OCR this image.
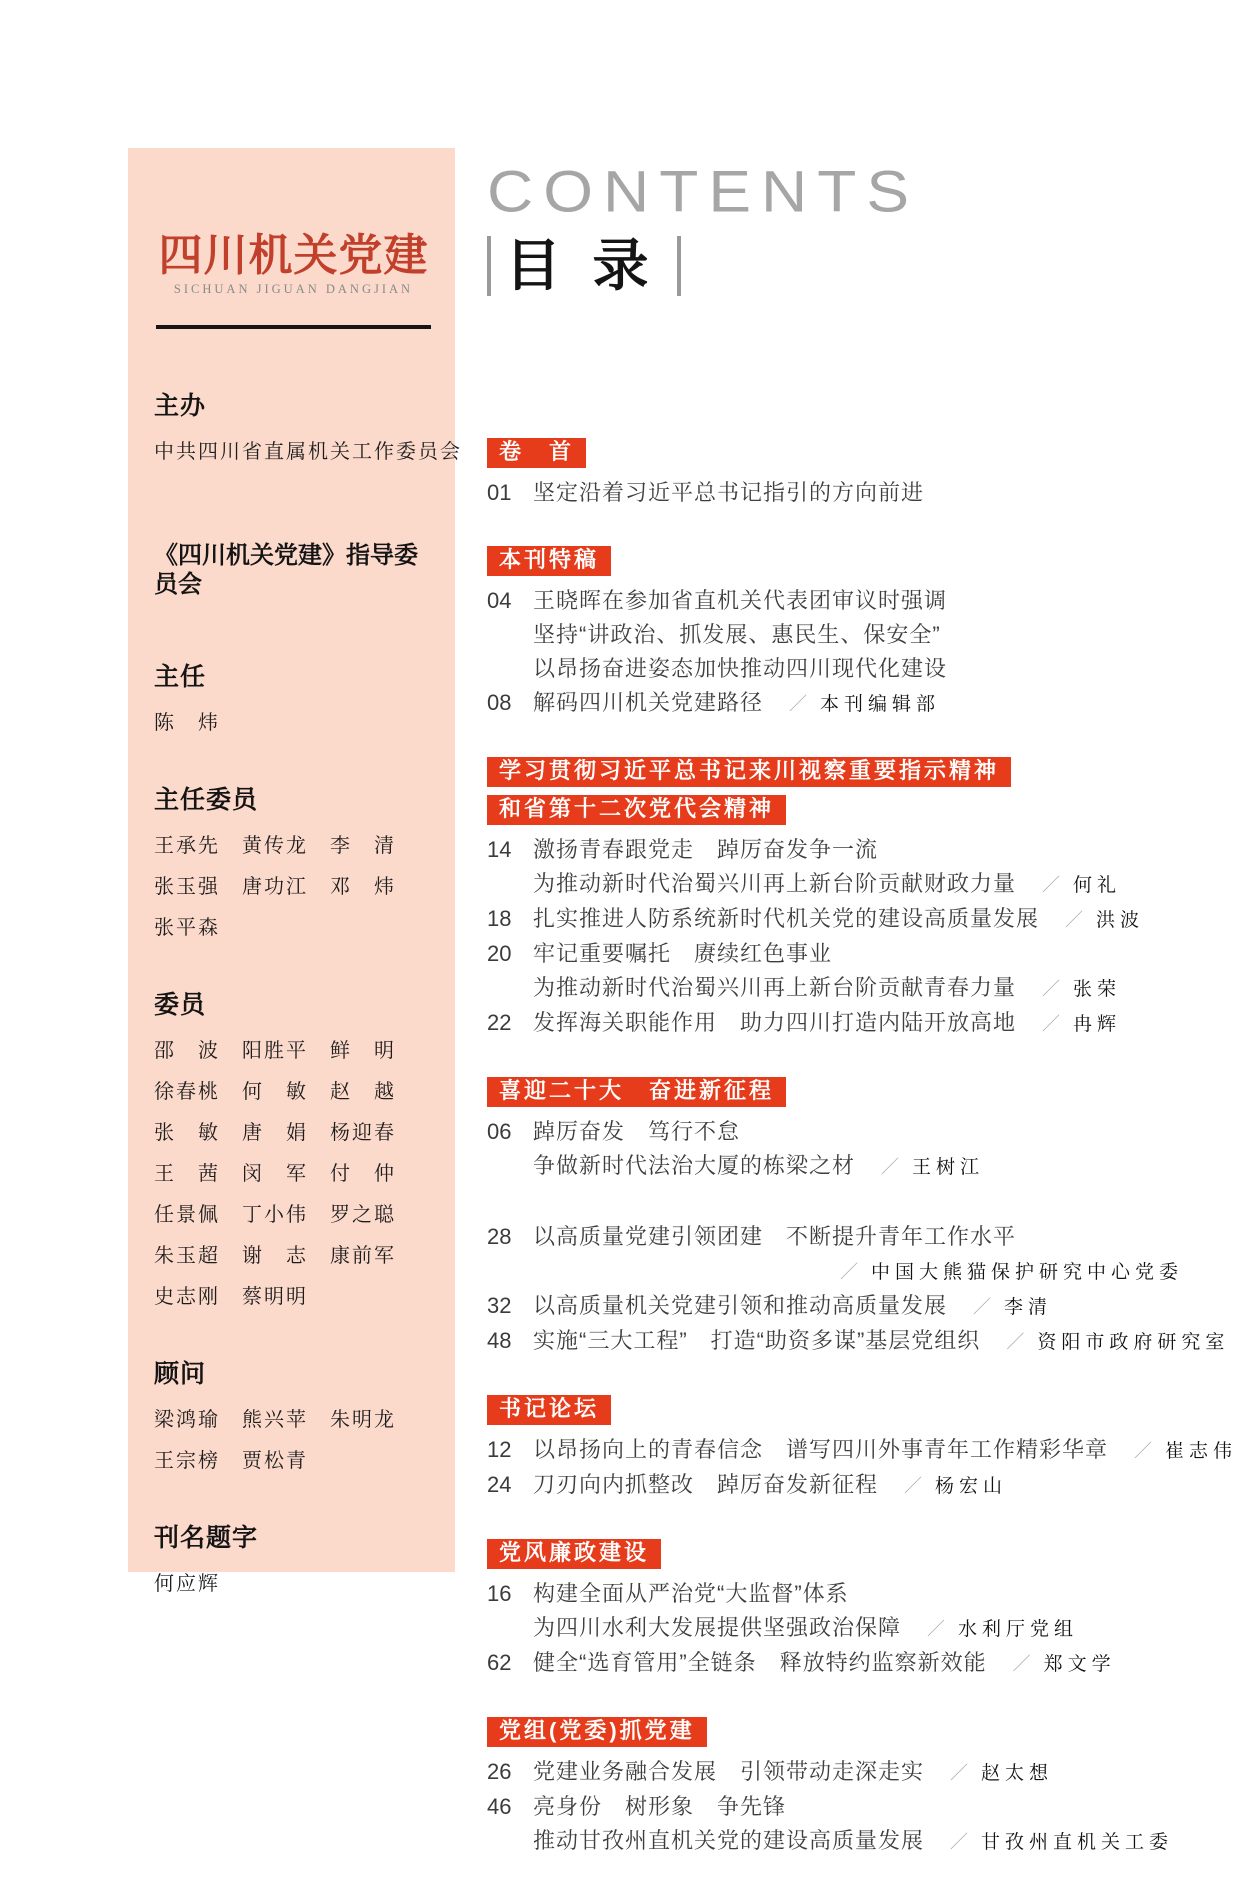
四川机关党建
SICHUAN JIGUAN DANGJIAN
主办
中共四川省直属机关工作委员会
《四川机关党建》指导委员会
主任
陈　炜
主任委员
王承先　黄传龙　李　清
张玉强　唐功江　邓　炜
张平森
委员
邵　波　阳胜平　鲜　明
徐春桃　何　敏　赵　越
张　敏　唐　娟　杨迎春
王　茜　闵　军　付　仲
任景佩　丁小伟　罗之聪
朱玉超　谢　志　康前军
史志刚　蔡明明
顾问
梁鸿瑜　熊兴苹　朱明龙
王宗榜　贾松青
刊名题字
何应辉
CONTENTS
目 录
卷　首
01 坚定沿着习近平总书记指引的方向前进
本刊特稿
04 王晓晖在参加省直机关代表团审议时强调
坚持“讲政治、抓发展、惠民生、保安全”
以昂扬奋进姿态加快推动四川现代化建设
08 解码四川机关党建路径 ／ 本刊编辑部
学习贯彻习近平总书记来川视察重要指示精神
和省第十二次党代会精神
14 激扬青春跟党走　踔厉奋发争一流
为推动新时代治蜀兴川再上新台阶贡献财政力量 ／ 何礼
18 扎实推进人防系统新时代机关党的建设高质量发展 ／ 洪波
20 牢记重要嘱托　赓续红色事业
为推动新时代治蜀兴川再上新台阶贡献青春力量 ／ 张荣
22 发挥海关职能作用　助力四川打造内陆开放高地 ／ 冉辉
喜迎二十大　奋进新征程
06 踔厉奋发　笃行不怠
争做新时代法治大厦的栋梁之材 ／ 王树江
28 以高质量党建引领团建　不断提升青年工作水平
／ 中国大熊猫保护研究中心党委
32 以高质量机关党建引领和推动高质量发展 ／ 李清
48 实施“三大工程”　打造“助资多谋”基层党组织 ／ 资阳市政府研究室
书记论坛
12 以昂扬向上的青春信念　谱写四川外事青年工作精彩华章 ／ 崔志伟
24 刀刃向内抓整改　踔厉奋发新征程 ／ 杨宏山
党风廉政建设
16 构建全面从严治党“大监督”体系
为四川水利大发展提供坚强政治保障 ／ 水利厅党组
62 健全“选育管用”全链条　释放特约监察新效能 ／ 郑文学
党组(党委)抓党建
26 党建业务融合发展　引领带动走深走实 ／ 赵太想
46 亮身份　树形象　争先锋
推动甘孜州直机关党的建设高质量发展 ／ 甘孜州直机关工委
